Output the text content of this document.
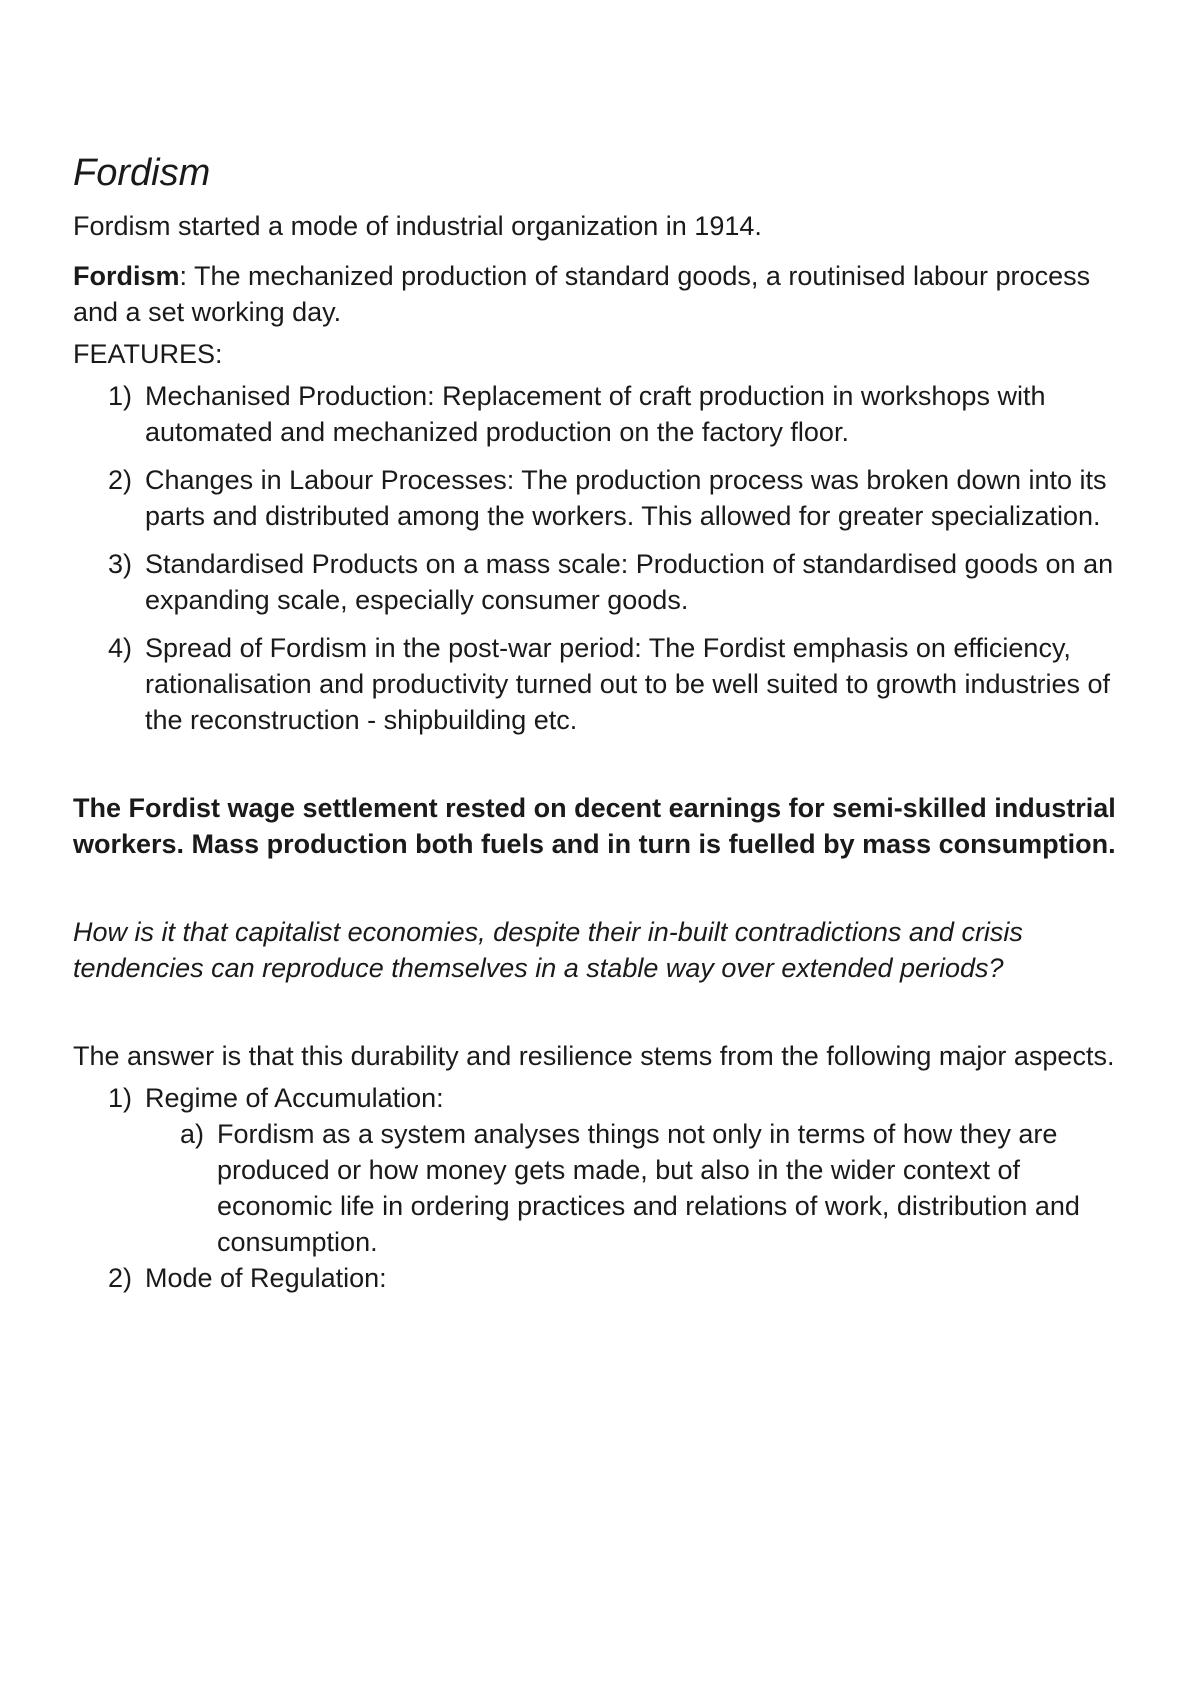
Fordism

Fordism started a mode of industrial organization in 1914.

Fordism: The mechanized production of standard goods, a routinised labour process and a set working day.

FEATURES:

1) Mechanised Production: Replacement of craft production in workshops with automated and mechanized production on the factory floor.
2) Changes in Labour Processes: The production process was broken down into its parts and distributed among the workers. This allowed for greater specialization.
3) Standardised Products on a mass scale: Production of standardised goods on an expanding scale, especially consumer goods.
4) Spread of Fordism in the post-war period: The Fordist emphasis on efficiency, rationalisation and productivity turned out to be well suited to growth industries of the reconstruction - shipbuilding etc.

The Fordist wage settlement rested on decent earnings for semi-skilled industrial workers. Mass production both fuels and in turn is fuelled by mass consumption.

How is it that capitalist economies, despite their in-built contradictions and crisis tendencies can reproduce themselves in a stable way over extended periods?

The answer is that this durability and resilience stems from the following major aspects.

1) Regime of Accumulation:
a) Fordism as a system analyses things not only in terms of how they are produced or how money gets made, but also in the wider context of economic life in ordering practices and relations of work, distribution and consumption.
2) Mode of Regulation:
